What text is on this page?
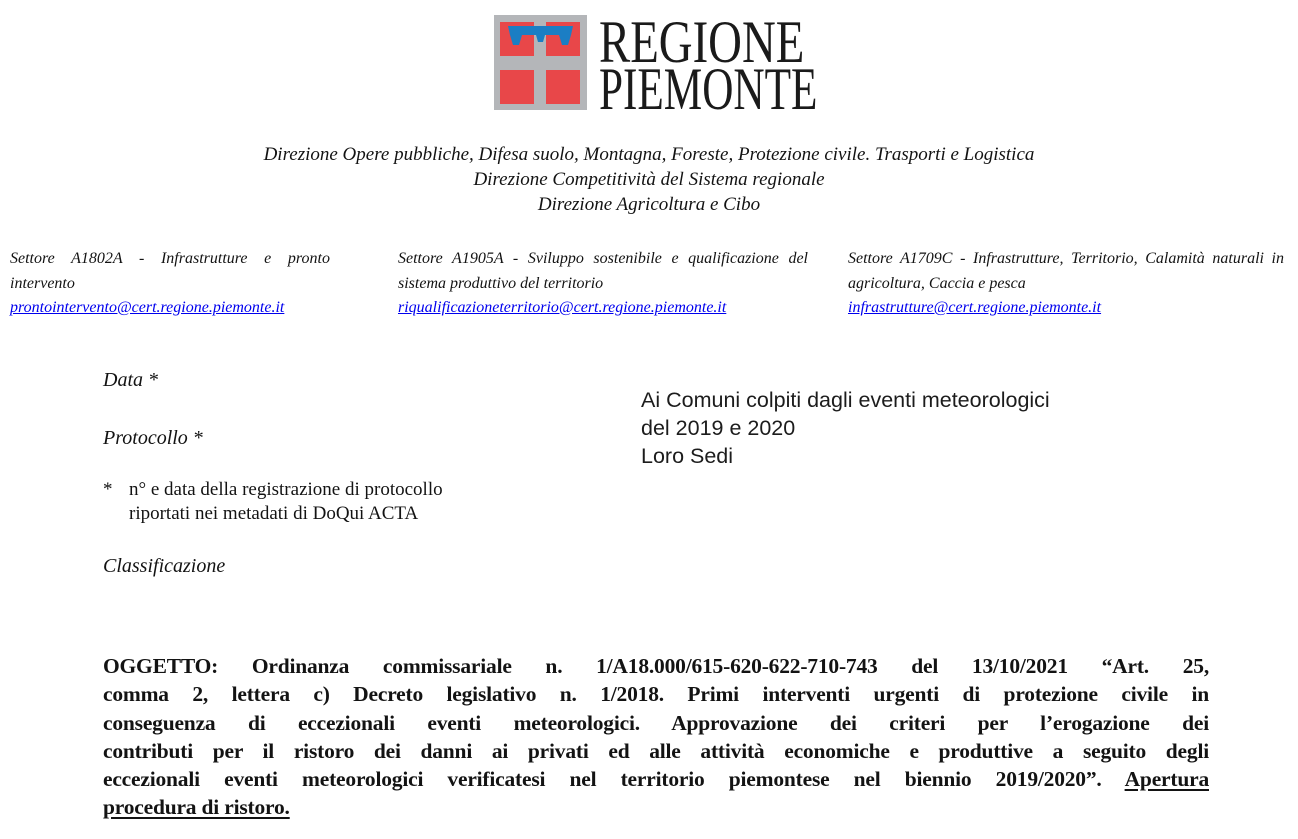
REGIONE
PIEMONTE
Direzione Opere pubbliche, Difesa suolo, Montagna, Foreste, Protezione civile. Trasporti e Logistica
Direzione Competitività del Sistema regionale
Direzione Agricoltura e Cibo
Settore A1802A - Infrastrutture e pronto intervento
prontointervento@cert.regione.piemonte.it
Settore A1905A - Sviluppo sostenibile e qualificazione del sistema produttivo del territorio
riqualificazioneterritorio@cert.regione.piemonte.it
Settore A1709C - Infrastrutture, Territorio, Calamità naturali in agricoltura, Caccia e pesca
infrastrutture@cert.regione.piemonte.it
Data *
Protocollo *
* n° e data della registrazione di protocollo
riportati nei metadati di DoQui ACTA
Classificazione
Ai Comuni colpiti dagli eventi meteorologici
del 2019 e 2020
Loro Sedi
OGGETTO: Ordinanza commissariale n. 1/A18.000/615-620-622-710-743 del 13/10/2021 “Art. 25,
comma 2, lettera c) Decreto legislativo n. 1/2018. Primi interventi urgenti di protezione civile in
conseguenza di eccezionali eventi meteorologici. Approvazione dei criteri per l’erogazione dei
contributi per il ristoro dei danni ai privati ed alle attività economiche e produttive a seguito degli
eccezionali eventi meteorologici verificatesi nel territorio piemontese nel biennio 2019/2020”. Apertura
procedura di ristoro.
